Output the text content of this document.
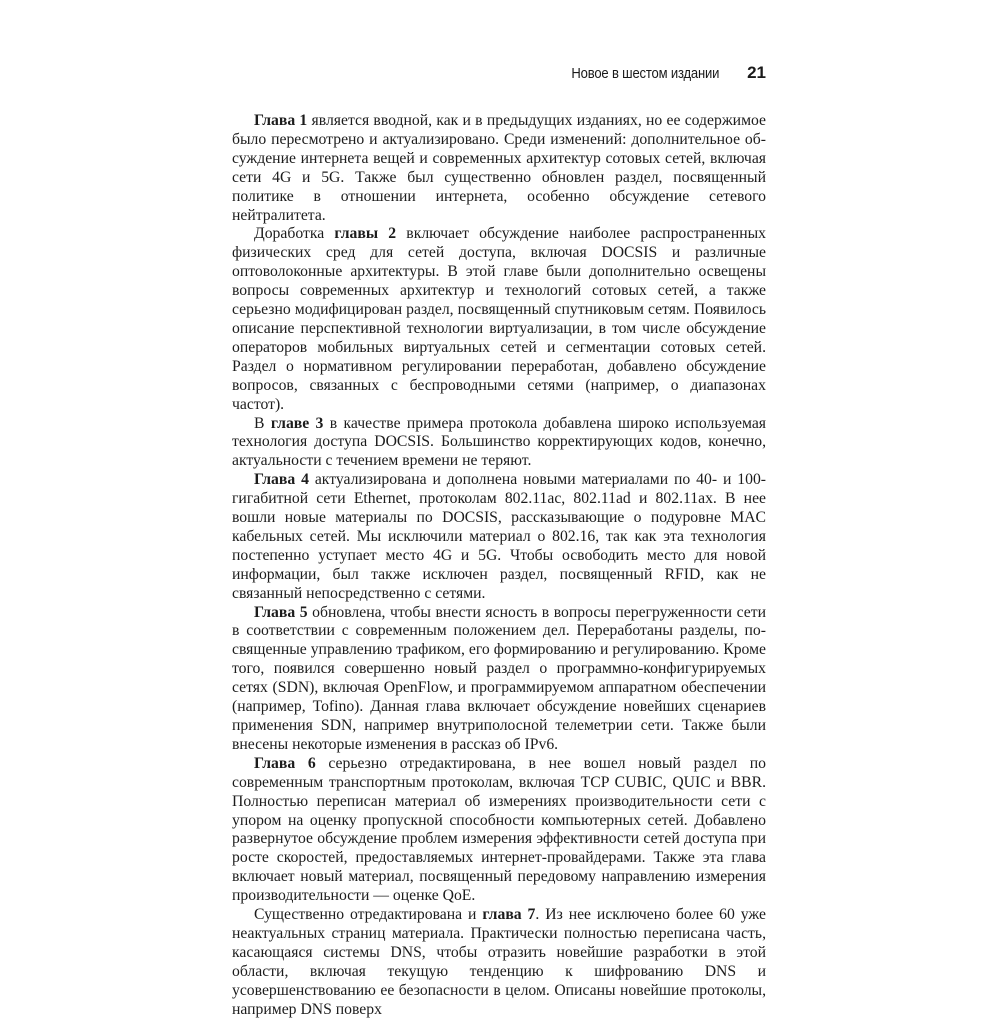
Новое в шестом издании 21

Глава 1 является вводной, как и в предыдущих изданиях, но ее содержимое было пересмотрено и актуализировано. Среди изменений: дополнительное обсуждение интернета вещей и современных архитектур сотовых сетей, включая сети 4G и 5G. Также был существенно обновлен раздел, посвященный политике в отношении интернета, особенно обсуждение сетевого нейтралитета.

Доработка главы 2 включает обсуждение наиболее распространенных физических сред для сетей доступа, включая DOCSIS и различные оптоволоконные архитектуры. В этой главе были дополнительно освещены вопросы современных архитектур и технологий сотовых сетей, а также серьезно модифицирован раздел, посвященный спутниковым сетям. Появилось описание перспективной технологии виртуализации, в том числе обсуждение операторов мобильных виртуальных сетей и сегментации сотовых сетей. Раздел о нормативном регулировании переработан, добавлено обсуждение вопросов, связанных с беспроводными сетями (например, о диапазонах частот).

В главе 3 в качестве примера протокола добавлена широко используемая технология доступа DOCSIS. Большинство корректирующих кодов, конечно, актуальности с течением времени не теряют.

Глава 4 актуализирована и дополнена новыми материалами по 40- и 100-гигабитной сети Ethernet, протоколам 802.11ac, 802.11ad и 802.11ax. В нее вошли новые материалы по DOCSIS, рассказывающие о подуровне MAC кабельных сетей. Мы исключили материал о 802.16, так как эта технология постепенно уступает место 4G и 5G. Чтобы освободить место для новой информации, был также исключен раздел, посвященный RFID, как не связанный непосредственно с сетями.

Глава 5 обновлена, чтобы внести ясность в вопросы перегруженности сети в соответствии с современным положением дел. Переработаны разделы, посвященные управлению трафиком, его формированию и регулированию. Кроме того, появился совершенно новый раздел о программно-конфигурируемых сетях (SDN), включая OpenFlow, и программируемом аппаратном обеспечении (например, Tofino). Данная глава включает обсуждение новейших сценариев применения SDN, например внутриполосной телеметрии сети. Также были внесены некоторые изменения в рассказ об IPv6.

Глава 6 серьезно отредактирована, в нее вошел новый раздел по современным транспортным протоколам, включая TCP CUBIC, QUIC и BBR. Полностью переписан материал об измерениях производительности сети с упором на оценку пропускной способности компьютерных сетей. Добавлено развернутое обсуждение проблем измерения эффективности сетей доступа при росте скоростей, предоставляемых интернет-провайдерами. Также эта глава включает новый материал, посвященный передовому направлению измерения производительности — оценке QoE.

Существенно отредактирована и глава 7. Из нее исключено более 60 уже неактуальных страниц материала. Практически полностью переписана часть, касающаяся системы DNS, чтобы отразить новейшие разработки в этой области, включая текущую тенденцию к шифрованию DNS и усовершенствованию ее безопасности в целом. Описаны новейшие протоколы, например DNS поверх
